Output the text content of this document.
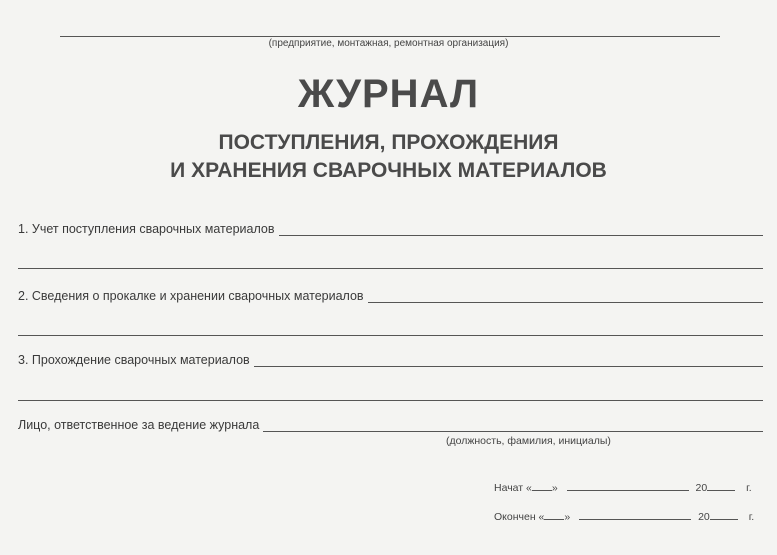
(предприятие, монтажная, ремонтная организация)
ЖУРНАЛ
ПОСТУПЛЕНИЯ, ПРОХОЖДЕНИЯ
И ХРАНЕНИЯ СВАРОЧНЫХ МАТЕРИАЛОВ
1. Учет поступления сварочных материалов
2. Сведения о прокалке и хранении сварочных материалов
3. Прохождение сварочных материалов
Лицо, ответственное за ведение журнала
(должность, фамилия, инициалы)
Начат « »	20	г.
Окончен « »	20	г.
